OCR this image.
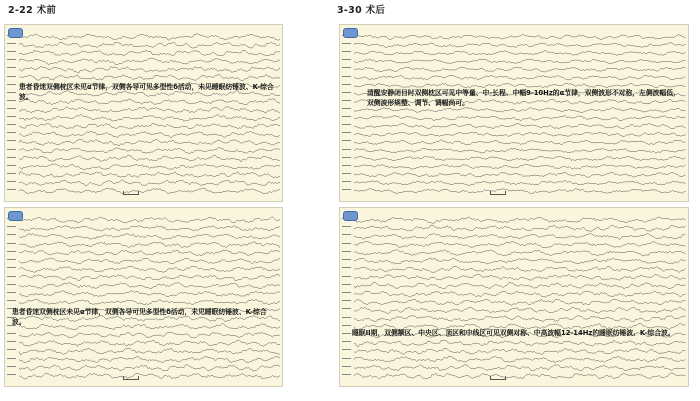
2-22 术前	3-30 术后
患者昏迷双侧枕区未见α节律，双侧各导可见多型性δ活动，未见睡眠纺锤波、K-综合波。	清醒安静闭目时双侧枕区可见中等量、中-长程、中幅9-10Hz的α节律，双侧波形不对称，左侧波幅低，双侧波形规整、调节、调幅尚可。
患者昏迷双侧枕区未见α节律，双侧各导可见多型性δ活动，未见睡眠纺锤波、K-综合波。
睡眠II期，双侧额区、中央区、顶区和中线区可见双侧对称、中高波幅12-14Hz的睡眠纺锤波、K-综合波。
